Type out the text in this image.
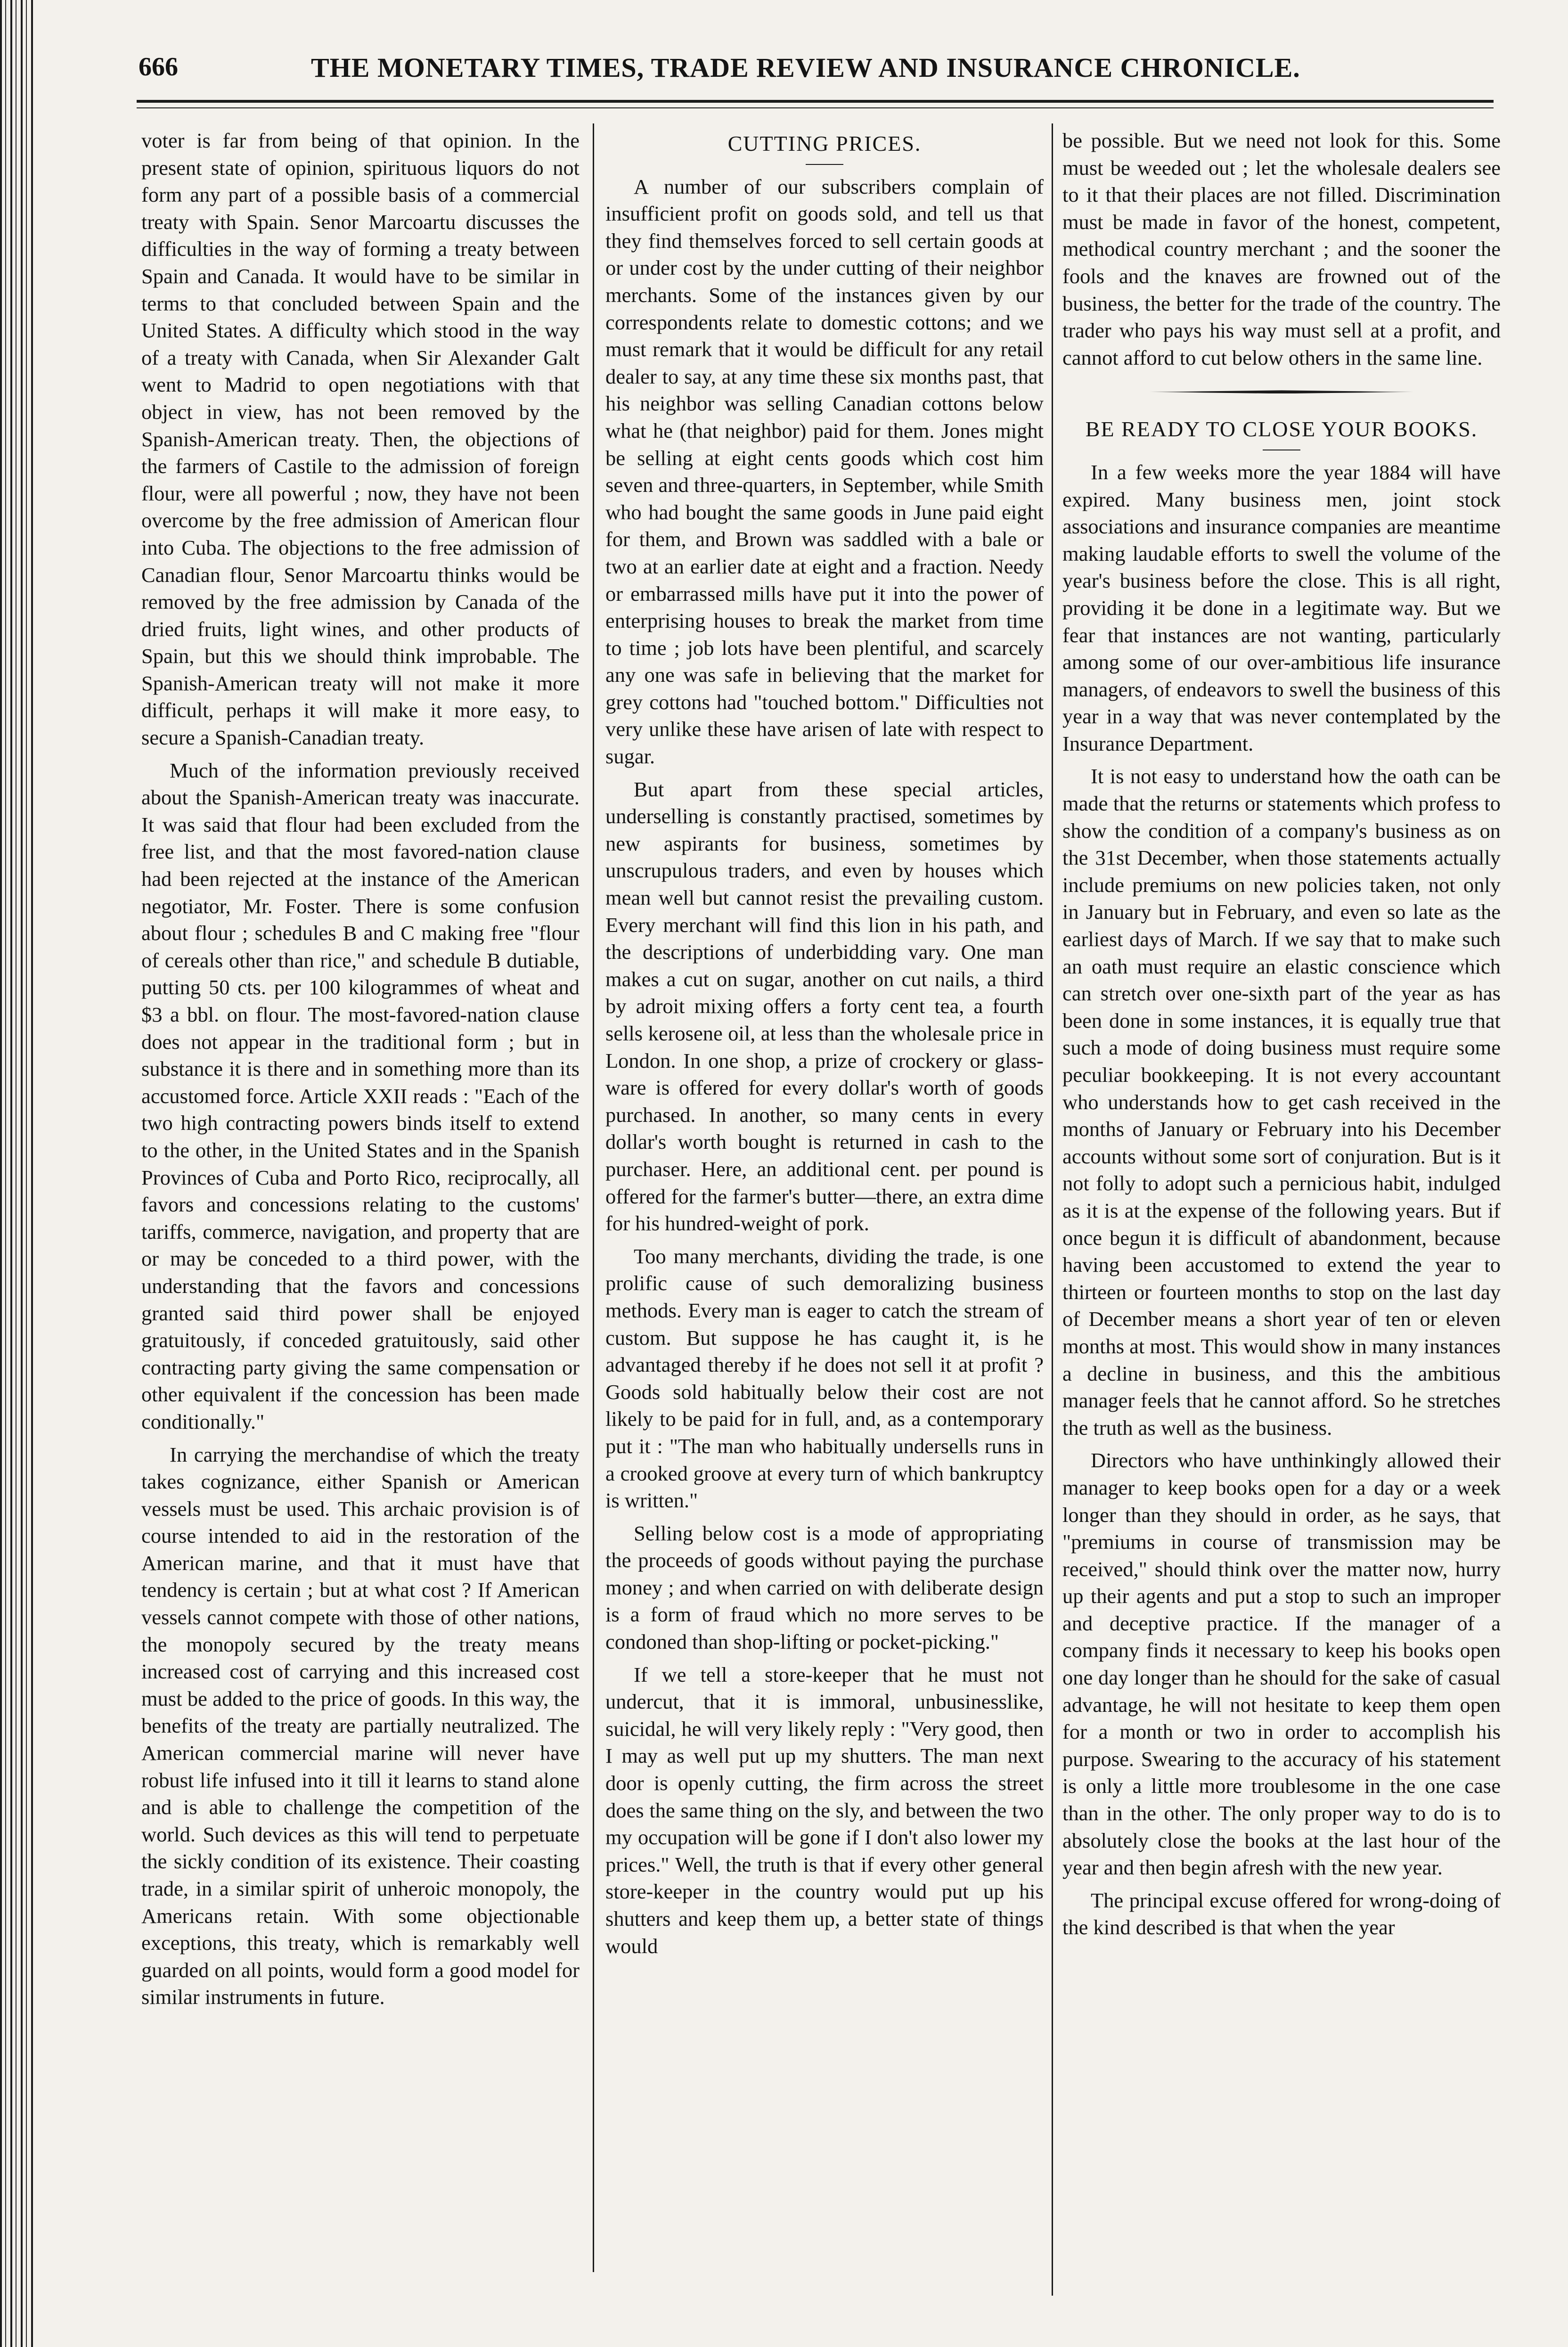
666	THE MONETARY TIMES, TRADE REVIEW AND INSURANCE CHRONICLE.

voter is far from being of that opinion. In the present state of opinion, spirituous liquors do not form any part of a possible basis of a commercial treaty with Spain. Senor Marcoartu discusses the difficulties in the way of forming a treaty between Spain and Canada. It would have to be similar in terms to that concluded between Spain and the United States. A difficulty which stood in the way of a treaty with Canada, when Sir Alexander Galt went to Madrid to open negotiations with that object in view, has not been removed by the Spanish-American treaty. Then, the objections of the farmers of Castile to the admission of foreign flour, were all powerful ; now, they have not been overcome by the free admission of American flour into Cuba. The objections to the free admission of Canadian flour, Senor Marcoartu thinks would be removed by the free admission by Canada of the dried fruits, light wines, and other products of Spain, but this we should think improbable. The Spanish-American treaty will not make it more difficult, perhaps it will make it more easy, to secure a Spanish-Canadian treaty.

Much of the information previously received about the Spanish-American treaty was inaccurate. It was said that flour had been excluded from the free list, and that the most favored-nation clause had been rejected at the instance of the American negotiator, Mr. Foster. There is some confusion about flour ; schedules B and C making free "flour of cereals other than rice," and schedule B dutiable, putting 50 cts. per 100 kilogrammes of wheat and $3 a bbl. on flour. The most-favored-nation clause does not appear in the traditional form ; but in substance it is there and in something more than its accustomed force. Article XXII reads : "Each of the two high contracting powers binds itself to extend to the other, in the United States and in the Spanish Provinces of Cuba and Porto Rico, reciprocally, all favors and concessions relating to the customs' tariffs, commerce, navigation, and property that are or may be conceded to a third power, with the understanding that the favors and concessions granted said third power shall be enjoyed gratuitously, if conceded gratuitously, said other contracting party giving the same compensation or other equivalent if the concession has been made conditionally."

In carrying the merchandise of which the treaty takes cognizance, either Spanish or American vessels must be used. This archaic provision is of course intended to aid in the restoration of the American marine, and that it must have that tendency is certain ; but at what cost ? If American vessels cannot compete with those of other nations, the monopoly secured by the treaty means increased cost of carrying and this increased cost must be added to the price of goods. In this way, the benefits of the treaty are partially neutralized. The American commercial marine will never have robust life infused into it till it learns to stand alone and is able to challenge the competition of the world. Such devices as this will tend to perpetuate the sickly condition of its existence. Their coasting trade, in a similar spirit of unheroic monopoly, the Americans retain. With some objectionable exceptions, this treaty, which is remarkably well guarded on all points, would form a good model for similar instruments in future.

CUTTING PRICES.

A number of our subscribers complain of insufficient profit on goods sold, and tell us that they find themselves forced to sell certain goods at or under cost by the under cutting of their neighbor merchants. Some of the instances given by our correspondents relate to domestic cottons; and we must remark that it would be difficult for any retail dealer to say, at any time these six months past, that his neighbor was selling Canadian cottons below what he (that neighbor) paid for them. Jones might be selling at eight cents goods which cost him seven and three-quarters, in September, while Smith who had bought the same goods in June paid eight for them, and Brown was saddled with a bale or two at an earlier date at eight and a fraction. Needy or embarrassed mills have put it into the power of enterprising houses to break the market from time to time ; job lots have been plentiful, and scarcely any one was safe in believing that the market for grey cottons had "touched bottom." Difficulties not very unlike these have arisen of late with respect to sugar.

But apart from these special articles, underselling is constantly practised, sometimes by new aspirants for business, sometimes by unscrupulous traders, and even by houses which mean well but cannot resist the prevailing custom. Every merchant will find this lion in his path, and the descriptions of underbidding vary. One man makes a cut on sugar, another on cut nails, a third by adroit mixing offers a forty cent tea, a fourth sells kerosene oil, at less than the wholesale price in London. In one shop, a prize of crockery or glass-ware is offered for every dollar's worth of goods purchased. In another, so many cents in every dollar's worth bought is returned in cash to the purchaser. Here, an additional cent. per pound is offered for the farmer's butter—there, an extra dime for his hundred-weight of pork.

Too many merchants, dividing the trade, is one prolific cause of such demoralizing business methods. Every man is eager to catch the stream of custom. But suppose he has caught it, is he advantaged thereby if he does not sell it at profit ? Goods sold habitually below their cost are not likely to be paid for in full, and, as a contemporary put it : "The man who habitually undersells runs in a crooked groove at every turn of which bankruptcy is written."

Selling below cost is a mode of appropriating the proceeds of goods without paying the purchase money ; and when carried on with deliberate design is a form of fraud which no more serves to be condoned than shop-lifting or pocket-picking."

If we tell a store-keeper that he must not undercut, that it is immoral, unbusinesslike, suicidal, he will very likely reply : "Very good, then I may as well put up my shutters. The man next door is openly cutting, the firm across the street does the same thing on the sly, and between the two my occupation will be gone if I don't also lower my prices." Well, the truth is that if every other general store-keeper in the country would put up his shutters and keep them up, a better state of things would

be possible. But we need not look for this. Some must be weeded out ; let the wholesale dealers see to it that their places are not filled. Discrimination must be made in favor of the honest, competent, methodical country merchant ; and the sooner the fools and the knaves are frowned out of the business, the better for the trade of the country. The trader who pays his way must sell at a profit, and cannot afford to cut below others in the same line.

BE READY TO CLOSE YOUR BOOKS.

In a few weeks more the year 1884 will have expired. Many business men, joint stock associations and insurance companies are meantime making laudable efforts to swell the volume of the year's business before the close. This is all right, providing it be done in a legitimate way. But we fear that instances are not wanting, particularly among some of our over-ambitious life insurance managers, of endeavors to swell the business of this year in a way that was never contemplated by the Insurance Department.

It is not easy to understand how the oath can be made that the returns or statements which profess to show the condition of a company's business as on the 31st December, when those statements actually include premiums on new policies taken, not only in January but in February, and even so late as the earliest days of March. If we say that to make such an oath must require an elastic conscience which can stretch over one-sixth part of the year as has been done in some instances, it is equally true that such a mode of doing business must require some peculiar bookkeeping. It is not every accountant who understands how to get cash received in the months of January or February into his December accounts without some sort of conjuration. But is it not folly to adopt such a pernicious habit, indulged as it is at the expense of the following years. But if once begun it is difficult of abandonment, because having been accustomed to extend the year to thirteen or fourteen months to stop on the last day of December means a short year of ten or eleven months at most. This would show in many instances a decline in business, and this the ambitious manager feels that he cannot afford. So he stretches the truth as well as the business.

Directors who have unthinkingly allowed their manager to keep books open for a day or a week longer than they should in order, as he says, that "premiums in course of transmission may be received," should think over the matter now, hurry up their agents and put a stop to such an improper and deceptive practice. If the manager of a company finds it necessary to keep his books open one day longer than he should for the sake of casual advantage, he will not hesitate to keep them open for a month or two in order to accomplish his purpose. Swearing to the accuracy of his statement is only a little more troublesome in the one case than in the other. The only proper way to do is to absolutely close the books at the last hour of the year and then begin afresh with the new year.

The principal excuse offered for wrong-doing of the kind described is that when the year
